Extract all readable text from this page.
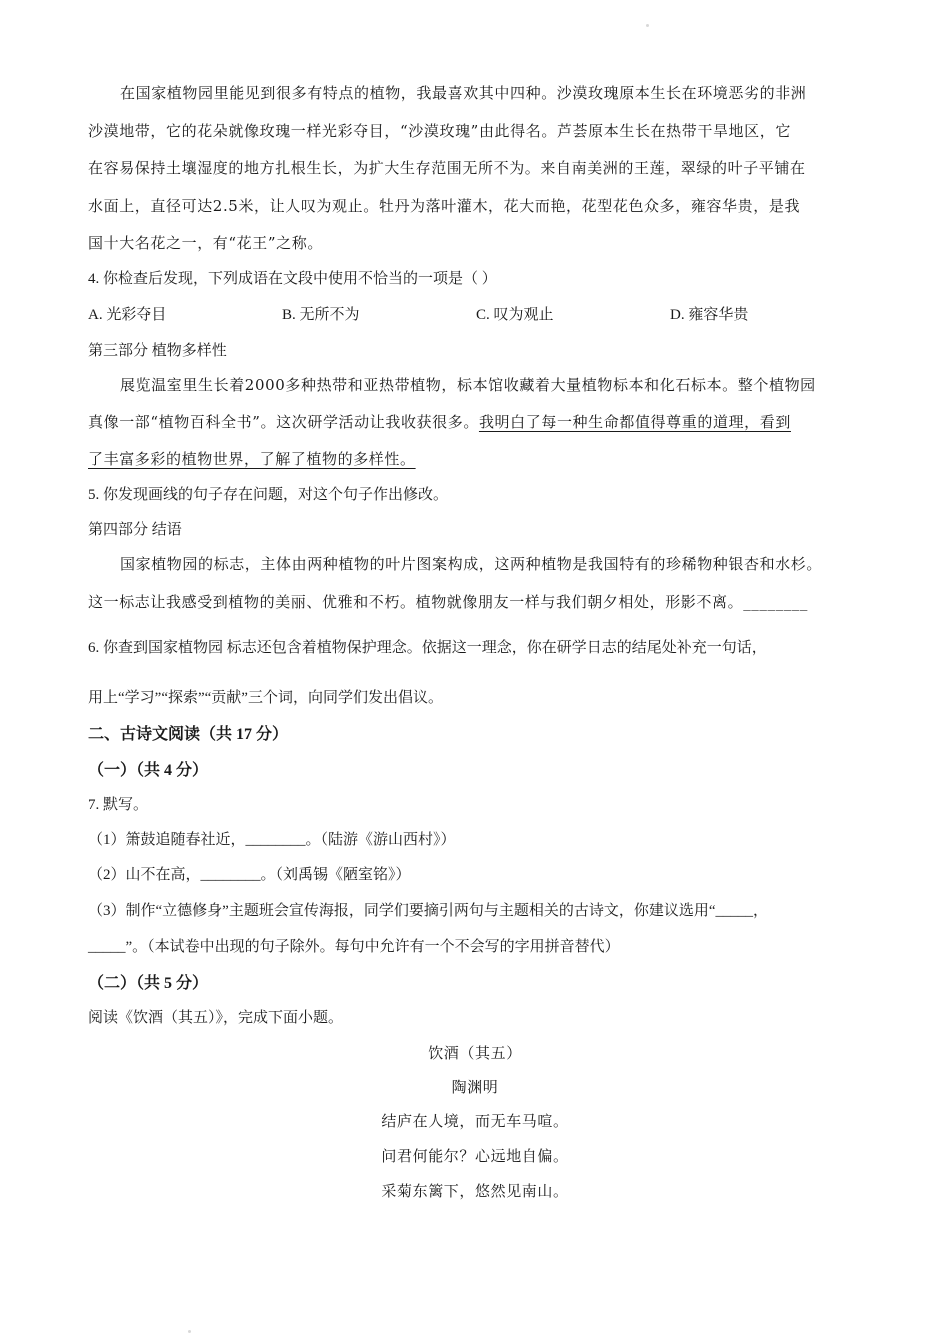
在国家植物园里能见到很多有特点的植物，我最喜欢其中四种。沙漠玫瑰原本生长在环境恶劣的非洲
沙漠地带，它的花朵就像玫瑰一样光彩夺目，“沙漠玫瑰”由此得名。芦荟原本生长在热带干旱地区，它
在容易保持土壤湿度的地方扎根生长，为扩大生存范围无所不为。来自南美洲的王莲，翠绿的叶子平铺在
水面上，直径可达2.5米，让人叹为观止。牡丹为落叶灌木，花大而艳，花型花色众多，雍容华贵，是我
国十大名花之一，有“花王”之称。
4. 你检查后发现，下列成语在文段中使用不恰当的一项是（ ）
A. 光彩夺目	B. 无所不为	C. 叹为观止	D. 雍容华贵
第三部分 植物多样性
展览温室里生长着2000多种热带和亚热带植物，标本馆收藏着大量植物标本和化石标本。整个植物园
真像一部“植物百科全书”。这次研学活动让我收获很多。我明白了每一种生命都值得尊重的道理，看到
了丰富多彩的植物世界，了解了植物的多样性。
5. 你发现画线的句子存在问题，对这个句子作出修改。
第四部分 结语
国家植物园的标志，主体由两种植物的叶片图案构成，这两种植物是我国特有的珍稀物种银杏和水杉。
这一标志让我感受到植物的美丽、优雅和不朽。植物就像朋友一样与我们朝夕相处，形影不离。________
6. 你查到国家植物园 标志还包含着植物保护理念。依据这一理念，你在研学日志的结尾处补充一句话，
用上“学习”“探索”“贡献”三个词，向同学们发出倡议。
二、古诗文阅读（共 17 分）
（一）（共 4 分）
7. 默写。
（1）箫鼓追随春社近，________。（陆游《游山西村》）
（2）山不在高，________。（刘禹锡《陋室铭》）
（3）制作“立德修身”主题班会宣传海报，同学们要摘引两句与主题相关的古诗文，你建议选用“_____，
_____”。（本试卷中出现的句子除外。每句中允许有一个不会写的字用拼音替代）
（二）（共 5 分）
阅读《饮酒（其五）》，完成下面小题。
饮酒（其五）
陶渊明
结庐在人境，而无车马喧。
问君何能尔？心远地自偏。
采菊东篱下，悠然见南山。
